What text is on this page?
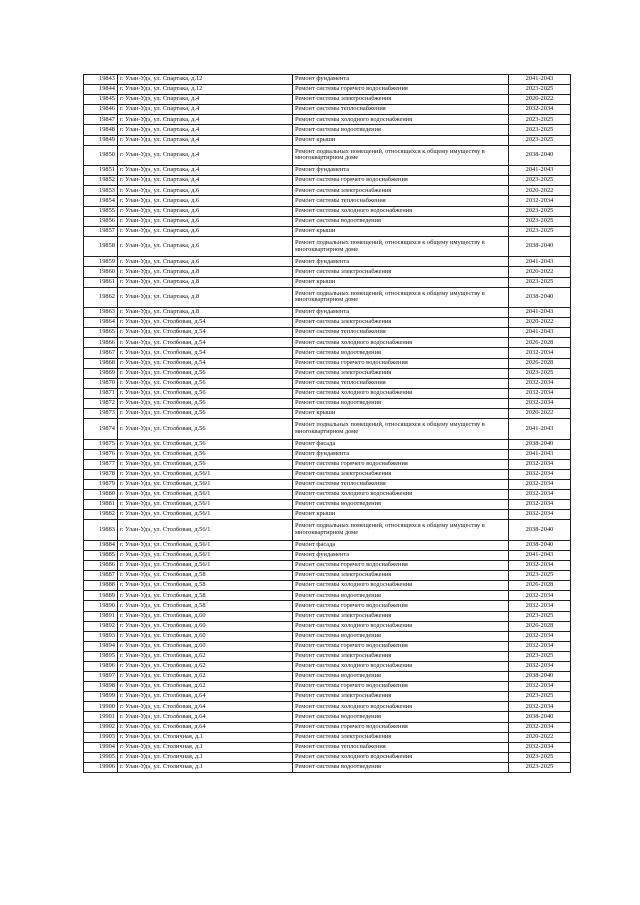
19843	г. Улан-Удэ, ул. Спартака, д.12	Ремонт фундамента	2041-2043
19844	г. Улан-Удэ, ул. Спартака, д.12	Ремонт системы горячего водоснабжения	2023-2025
19845	г. Улан-Удэ, ул. Спартака, д.4	Ремонт системы электроснабжения	2020-2022
19846	г. Улан-Удэ, ул. Спартака, д.4	Ремонт системы теплоснабжения	2032-2034
19847	г. Улан-Удэ, ул. Спартака, д.4	Ремонт системы холодного водоснабжения	2023-2025
19848	г. Улан-Удэ, ул. Спартака, д.4	Ремонт системы водоотведения	2023-2025
19849	г. Улан-Удэ, ул. Спартака, д.4	Ремонт крыши	2023-2025
19850	г. Улан-Удэ, ул. Спартака, д.4	Ремонт подвальных помещений, относящихся к общему имуществу в многоквартирном доме	2038-2040
19851	г. Улан-Удэ, ул. Спартака, д.4	Ремонт фундамента	2041-2043
19852	г. Улан-Удэ, ул. Спартака, д.4	Ремонт системы горячего водоснабжения	2023-2025
19853	г. Улан-Удэ, ул. Спартака, д.6	Ремонт системы электроснабжения	2020-2022
19854	г. Улан-Удэ, ул. Спартака, д.6	Ремонт системы теплоснабжения	2032-2034
19855	г. Улан-Удэ, ул. Спартака, д.6	Ремонт системы холодного водоснабжения	2023-2025
19856	г. Улан-Удэ, ул. Спартака, д.6	Ремонт системы водоотведения	2023-2025
19857	г. Улан-Удэ, ул. Спартака, д.6	Ремонт крыши	2023-2025
19858	г. Улан-Удэ, ул. Спартака, д.6	Ремонт подвальных помещений, относящихся к общему имуществу в многоквартирном доме	2038-2040
19859	г. Улан-Удэ, ул. Спартака, д.6	Ремонт фундамента	2041-2043
19860	г. Улан-Удэ, ул. Спартака, д.8	Ремонт системы электроснабжения	2020-2022
19861	г. Улан-Удэ, ул. Спартака, д.8	Ремонт крыши	2023-2025
19862	г. Улан-Удэ, ул. Спартака, д.8	Ремонт подвальных помещений, относящихся к общему имуществу в многоквартирном доме	2038-2040
19863	г. Улан-Удэ, ул. Спартака, д.8	Ремонт фундамента	2041-2043
19864	г. Улан-Удэ, ул. Столбовая, д.54	Ремонт системы электроснабжения	2020-2022
19865	г. Улан-Удэ, ул. Столбовая, д.54	Ремонт системы теплоснабжения	2041-2043
19866	г. Улан-Удэ, ул. Столбовая, д.54	Ремонт системы холодного водоснабжения	2026-2028
19867	г. Улан-Удэ, ул. Столбовая, д.54	Ремонт системы водоотведения	2032-2034
19868	г. Улан-Удэ, ул. Столбовая, д.54	Ремонт системы горячего водоснабжения	2026-2028
19869	г. Улан-Удэ, ул. Столбовая, д.56	Ремонт системы электроснабжения	2023-2025
19870	г. Улан-Удэ, ул. Столбовая, д.56	Ремонт системы теплоснабжения	2032-2034
19871	г. Улан-Удэ, ул. Столбовая, д.56	Ремонт системы холодного водоснабжения	2032-2034
19872	г. Улан-Удэ, ул. Столбовая, д.56	Ремонт системы водоотведения	2032-2034
19873	г. Улан-Удэ, ул. Столбовая, д.56	Ремонт крыши	2020-2022
19874	г. Улан-Удэ, ул. Столбовая, д.56	Ремонт подвальных помещений, относящихся к общему имуществу в многоквартирном доме	2041-2043
19875	г. Улан-Удэ, ул. Столбовая, д.56	Ремонт фасада	2038-2040
19876	г. Улан-Удэ, ул. Столбовая, д.56	Ремонт фундамента	2041-2043
19877	г. Улан-Удэ, ул. Столбовая, д.56	Ремонт системы горячего водоснабжения	2032-2034
19878	г. Улан-Удэ, ул. Столбовая, д.56/1	Ремонт системы электроснабжения	2032-2034
19879	г. Улан-Удэ, ул. Столбовая, д.56/1	Ремонт системы теплоснабжения	2032-2034
19880	г. Улан-Удэ, ул. Столбовая, д.56/1	Ремонт системы холодного водоснабжения	2032-2034
19881	г. Улан-Удэ, ул. Столбовая, д.56/1	Ремонт системы водоотведения	2032-2034
19882	г. Улан-Удэ, ул. Столбовая, д.56/1	Ремонт крыши	2032-2034
19883	г. Улан-Удэ, ул. Столбовая, д.56/1	Ремонт подвальных помещений, относящихся к общему имуществу в многоквартирном доме	2038-2040
19884	г. Улан-Удэ, ул. Столбовая, д.56/1	Ремонт фасада	2038-2040
19885	г. Улан-Удэ, ул. Столбовая, д.56/1	Ремонт фундамента	2041-2043
19886	г. Улан-Удэ, ул. Столбовая, д.56/1	Ремонт системы горячего водоснабжения	2032-2034
19887	г. Улан-Удэ, ул. Столбовая, д.58	Ремонт системы электроснабжения	2023-2025
19888	г. Улан-Удэ, ул. Столбовая, д.58	Ремонт системы холодного водоснабжения	2026-2028
19889	г. Улан-Удэ, ул. Столбовая, д.58	Ремонт системы водоотведения	2032-2034
19890	г. Улан-Удэ, ул. Столбовая, д.58	Ремонт системы горячего водоснабжения	2032-2034
19891	г. Улан-Удэ, ул. Столбовая, д.60	Ремонт системы электроснабжения	2023-2025
19892	г. Улан-Удэ, ул. Столбовая, д.60	Ремонт системы холодного водоснабжения	2026-2028
19893	г. Улан-Удэ, ул. Столбовая, д.60	Ремонт системы водоотведения	2032-2034
19894	г. Улан-Удэ, ул. Столбовая, д.60	Ремонт системы горячего водоснабжения	2032-2034
19895	г. Улан-Удэ, ул. Столбовая, д.62	Ремонт системы электроснабжения	2023-2025
19896	г. Улан-Удэ, ул. Столбовая, д.62	Ремонт системы холодного водоснабжения	2032-2034
19897	г. Улан-Удэ, ул. Столбовая, д.62	Ремонт системы водоотведения	2038-2040
19898	г. Улан-Удэ, ул. Столбовая, д.62	Ремонт системы горячего водоснабжения	2032-2034
19899	г. Улан-Удэ, ул. Столбовая, д.64	Ремонт системы электроснабжения	2023-2025
19900	г. Улан-Удэ, ул. Столбовая, д.64	Ремонт системы холодного водоснабжения	2032-2034
19901	г. Улан-Удэ, ул. Столбовая, д.64	Ремонт системы водоотведения	2038-2040
19902	г. Улан-Удэ, ул. Столбовая, д.64	Ремонт системы горячего водоснабжения	2032-2034
19903	г. Улан-Удэ, ул. Столичная, д.1	Ремонт системы электроснабжения	2020-2022
19904	г. Улан-Удэ, ул. Столичная, д.1	Ремонт системы теплоснабжения	2032-2034
19905	г. Улан-Удэ, ул. Столичная, д.1	Ремонт системы холодного водоснабжения	2023-2025
19906	г. Улан-Удэ, ул. Столичная, д.1	Ремонт системы водоотведения	2023-2025
